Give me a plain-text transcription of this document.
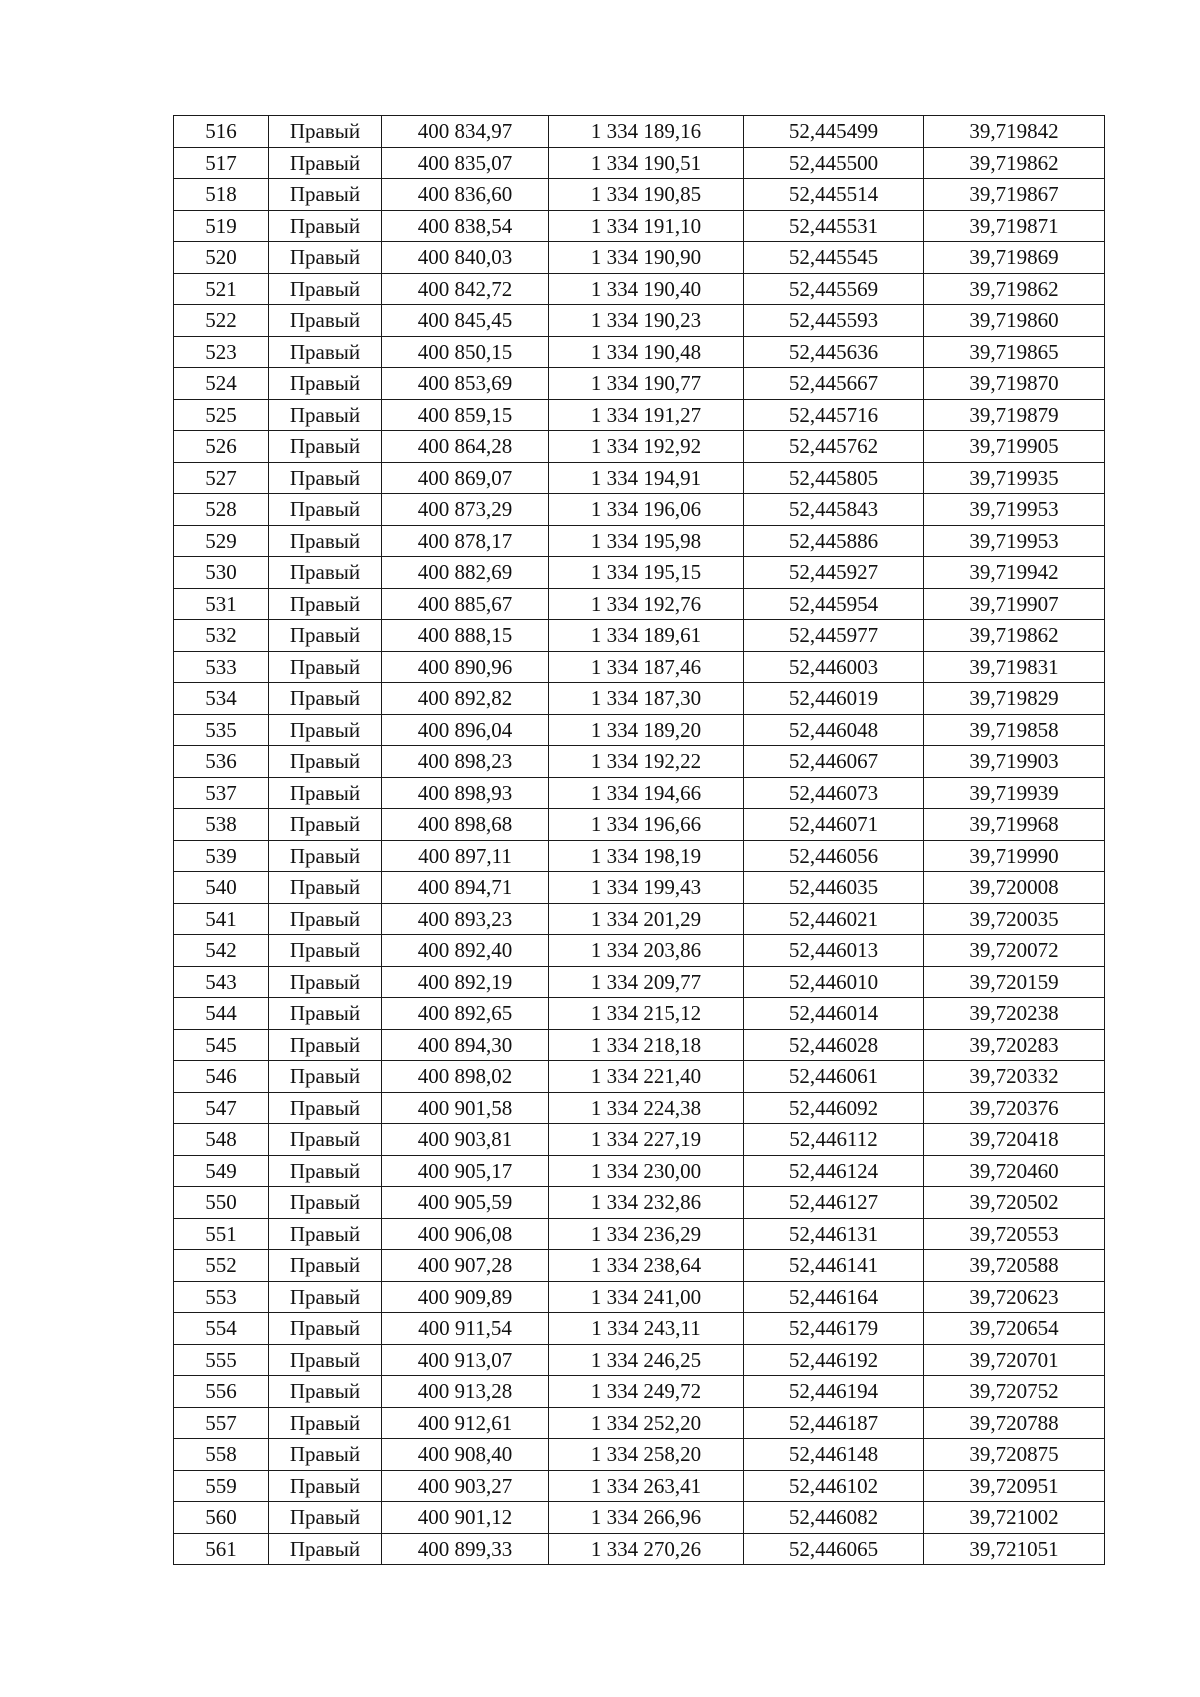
516	Правый	400 834,97	1 334 189,16	52,445499	39,719842
517	Правый	400 835,07	1 334 190,51	52,445500	39,719862
518	Правый	400 836,60	1 334 190,85	52,445514	39,719867
519	Правый	400 838,54	1 334 191,10	52,445531	39,719871
520	Правый	400 840,03	1 334 190,90	52,445545	39,719869
521	Правый	400 842,72	1 334 190,40	52,445569	39,719862
522	Правый	400 845,45	1 334 190,23	52,445593	39,719860
523	Правый	400 850,15	1 334 190,48	52,445636	39,719865
524	Правый	400 853,69	1 334 190,77	52,445667	39,719870
525	Правый	400 859,15	1 334 191,27	52,445716	39,719879
526	Правый	400 864,28	1 334 192,92	52,445762	39,719905
527	Правый	400 869,07	1 334 194,91	52,445805	39,719935
528	Правый	400 873,29	1 334 196,06	52,445843	39,719953
529	Правый	400 878,17	1 334 195,98	52,445886	39,719953
530	Правый	400 882,69	1 334 195,15	52,445927	39,719942
531	Правый	400 885,67	1 334 192,76	52,445954	39,719907
532	Правый	400 888,15	1 334 189,61	52,445977	39,719862
533	Правый	400 890,96	1 334 187,46	52,446003	39,719831
534	Правый	400 892,82	1 334 187,30	52,446019	39,719829
535	Правый	400 896,04	1 334 189,20	52,446048	39,719858
536	Правый	400 898,23	1 334 192,22	52,446067	39,719903
537	Правый	400 898,93	1 334 194,66	52,446073	39,719939
538	Правый	400 898,68	1 334 196,66	52,446071	39,719968
539	Правый	400 897,11	1 334 198,19	52,446056	39,719990
540	Правый	400 894,71	1 334 199,43	52,446035	39,720008
541	Правый	400 893,23	1 334 201,29	52,446021	39,720035
542	Правый	400 892,40	1 334 203,86	52,446013	39,720072
543	Правый	400 892,19	1 334 209,77	52,446010	39,720159
544	Правый	400 892,65	1 334 215,12	52,446014	39,720238
545	Правый	400 894,30	1 334 218,18	52,446028	39,720283
546	Правый	400 898,02	1 334 221,40	52,446061	39,720332
547	Правый	400 901,58	1 334 224,38	52,446092	39,720376
548	Правый	400 903,81	1 334 227,19	52,446112	39,720418
549	Правый	400 905,17	1 334 230,00	52,446124	39,720460
550	Правый	400 905,59	1 334 232,86	52,446127	39,720502
551	Правый	400 906,08	1 334 236,29	52,446131	39,720553
552	Правый	400 907,28	1 334 238,64	52,446141	39,720588
553	Правый	400 909,89	1 334 241,00	52,446164	39,720623
554	Правый	400 911,54	1 334 243,11	52,446179	39,720654
555	Правый	400 913,07	1 334 246,25	52,446192	39,720701
556	Правый	400 913,28	1 334 249,72	52,446194	39,720752
557	Правый	400 912,61	1 334 252,20	52,446187	39,720788
558	Правый	400 908,40	1 334 258,20	52,446148	39,720875
559	Правый	400 903,27	1 334 263,41	52,446102	39,720951
560	Правый	400 901,12	1 334 266,96	52,446082	39,721002
561	Правый	400 899,33	1 334 270,26	52,446065	39,721051
